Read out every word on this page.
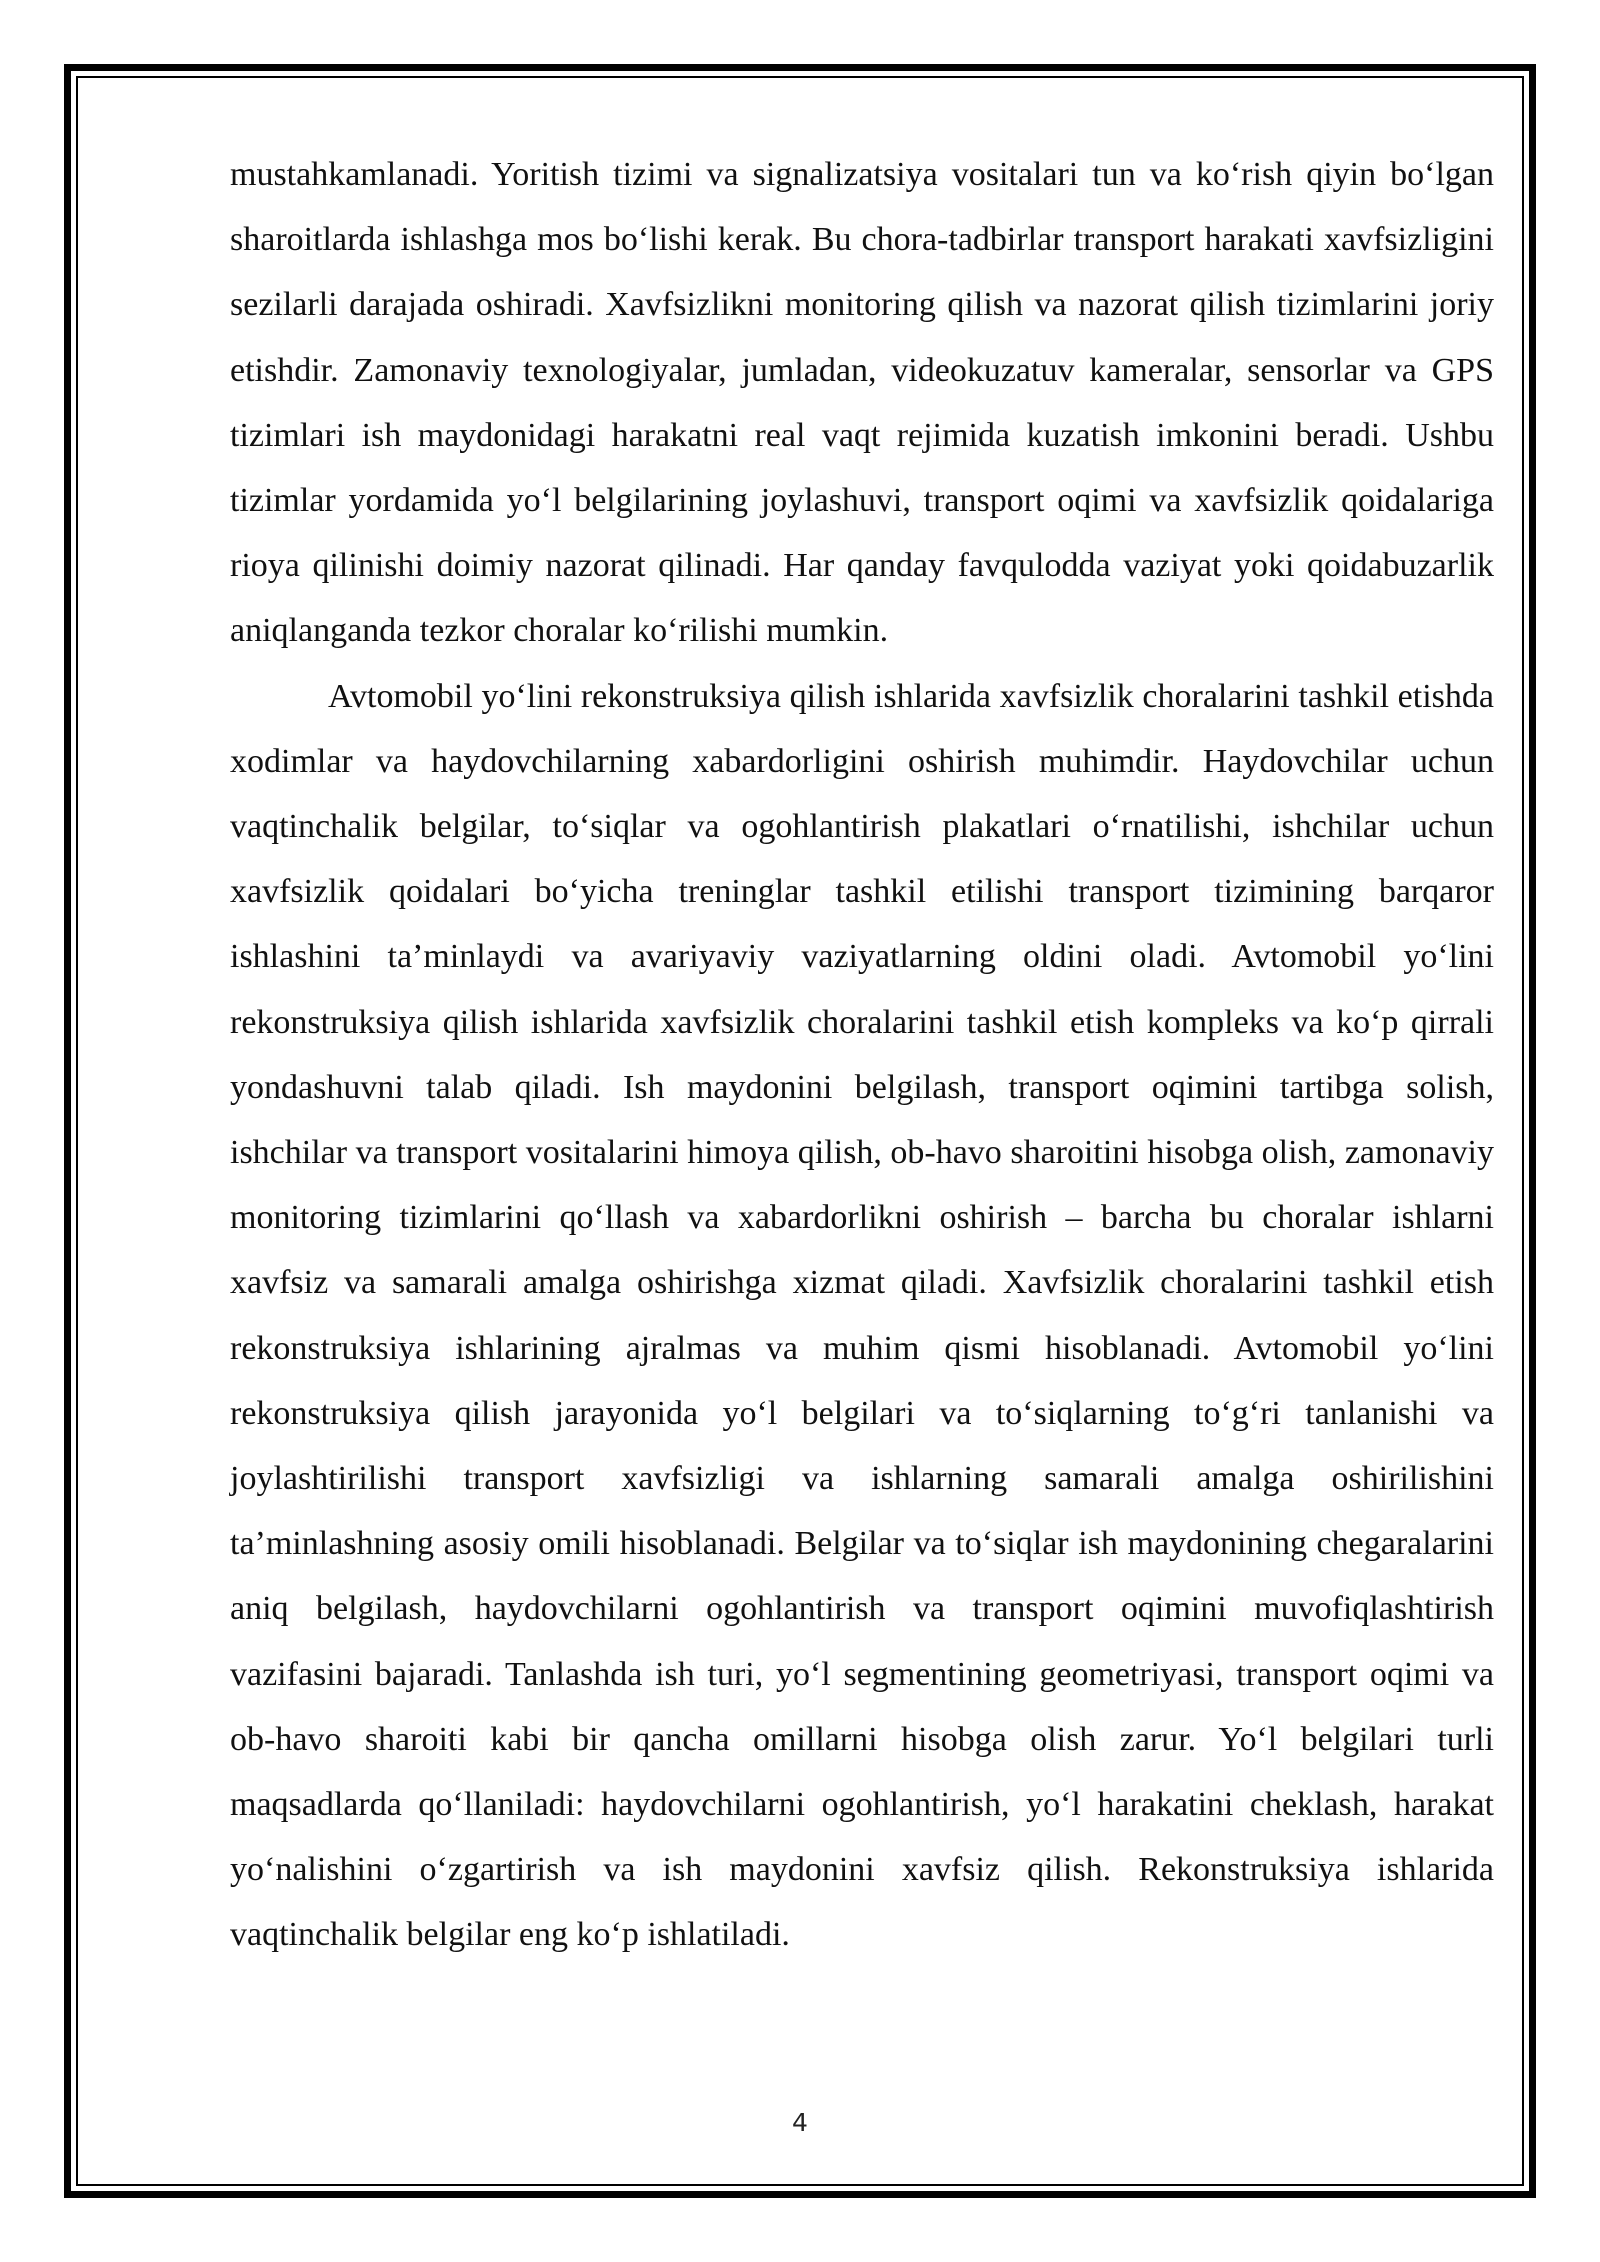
mustahkamlanadi. Yoritish tizimi va signalizatsiya vositalari tun va koʻrish qiyin boʻlgan sharoitlarda ishlashga mos boʻlishi kerak. Bu chora-tadbirlar transport harakati xavfsizligini sezilarli darajada oshiradi. Xavfsizlikni monitoring qilish va nazorat qilish tizimlarini joriy etishdir. Zamonaviy texnologiyalar, jumladan, videokuzatuv kameralar, sensorlar va GPS tizimlari ish maydonidagi harakatni real vaqt rejimida kuzatish imkonini beradi. Ushbu tizimlar yordamida yoʻl belgilarining joylashuvi, transport oqimi va xavfsizlik qoidalariga rioya qilinishi doimiy nazorat qilinadi. Har qanday favqulodda vaziyat yoki qoidabuzarlik aniqlanganda tezkor choralar koʻrilishi mumkin.

Avtomobil yoʻlini rekonstruksiya qilish ishlarida xavfsizlik choralarini tashkil etishda xodimlar va haydovchilarning xabardorligini oshirish muhimdir. Haydovchilar uchun vaqtinchalik belgilar, toʻsiqlar va ogohlantirish plakatlari oʻrnatilishi, ishchilar uchun xavfsizlik qoidalari boʻyicha treninglar tashkil etilishi transport tizimining barqaror ishlashini ta’minlaydi va avariyaviy vaziyatlarning oldini oladi. Avtomobil yoʻlini rekonstruksiya qilish ishlarida xavfsizlik choralarini tashkil etish kompleks va koʻp qirrali yondashuvni talab qiladi. Ish maydonini belgilash, transport oqimini tartibga solish, ishchilar va transport vositalarini himoya qilish, ob-havo sharoitini hisobga olish, zamonaviy monitoring tizimlarini qoʻllash va xabardorlikni oshirish – barcha bu choralar ishlarni xavfsiz va samarali amalga oshirishga xizmat qiladi. Xavfsizlik choralarini tashkil etish rekonstruksiya ishlarining ajralmas va muhim qismi hisoblanadi. Avtomobil yoʻlini rekonstruksiya qilish jarayonida yoʻl belgilari va toʻsiqlarning toʻgʻri tanlanishi va joylashtirilishi transport xavfsizligi va ishlarning samarali amalga oshirilishini ta’minlashning asosiy omili hisoblanadi. Belgilar va toʻsiqlar ish maydonining chegaralarini aniq belgilash, haydovchilarni ogohlantirish va transport oqimini muvofiqlashtirish vazifasini bajaradi. Tanlashda ish turi, yoʻl segmentining geometriyasi, transport oqimi va ob-havo sharoiti kabi bir qancha omillarni hisobga olish zarur. Yoʻl belgilari turli maqsadlarda qoʻllaniladi: haydovchilarni ogohlantirish, yoʻl harakatini cheklash, harakat yoʻnalishini oʻzgartirish va ish maydonini xavfsiz qilish. Rekonstruksiya ishlarida vaqtinchalik belgilar eng koʻp ishlatiladi.

4
